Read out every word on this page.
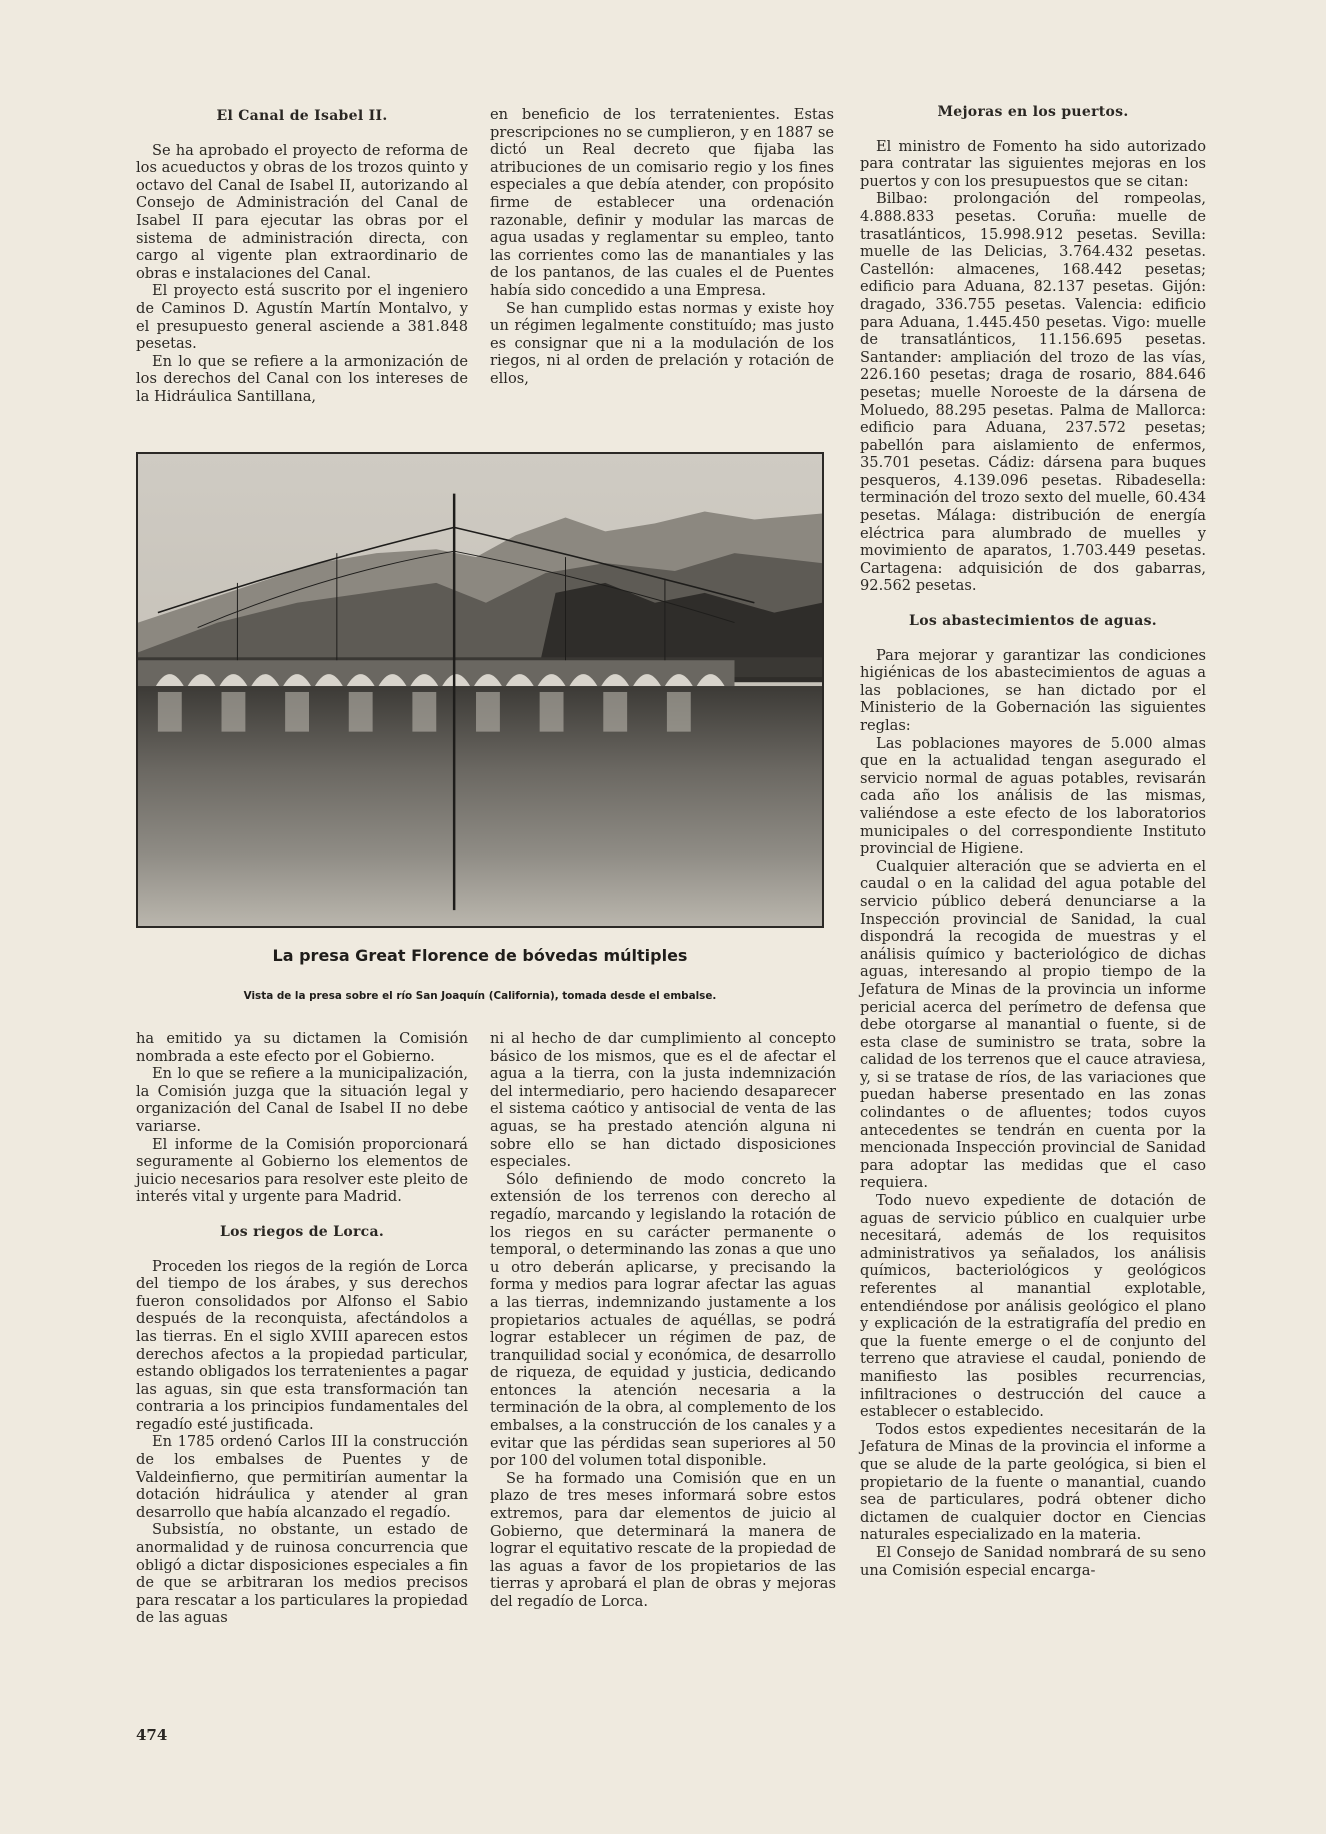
El Canal de Isabel II.

Se ha aprobado el proyecto de reforma de los acueductos y obras de los trozos quinto y octavo del Canal de Isabel II, autorizando al Consejo de Administración del Canal de Isabel II para ejecutar las obras por el sistema de administración directa, con cargo al vigente plan extraordinario de obras e instalaciones del Canal.

El proyecto está suscrito por el ingeniero de Caminos D. Agustín Martín Montalvo, y el presupuesto general asciende a 381.848 pesetas.

En lo que se refiere a la armonización de los derechos del Canal con los intereses de la Hidráulica Santillana,

en beneficio de los terratenientes. Estas prescripciones no se cumplieron, y en 1887 se dictó un Real decreto que fijaba las atribuciones de un comisario regio y los fines especiales a que debía atender, con propósito firme de establecer una ordenación razonable, definir y modular las marcas de agua usadas y reglamentar su empleo, tanto las corrientes como las de manantiales y las de los pantanos, de las cuales el de Puentes había sido concedido a una Empresa.

Se han cumplido estas normas y existe hoy un régimen legalmente constituído; mas justo es consignar que ni a la modulación de los riegos, ni al orden de prelación y rotación de ellos,

Mejoras en los puertos.

El ministro de Fomento ha sido autorizado para contratar las siguientes mejoras en los puertos y con los presupuestos que se citan:

Bilbao: prolongación del rompeolas, 4.888.833 pesetas. Coruña: muelle de trasatlánticos, 15.998.912 pesetas. Sevilla: muelle de las Delicias, 3.764.432 pesetas. Castellón: almacenes, 168.442 pesetas; edificio para Aduana, 82.137 pesetas. Gijón: dragado, 336.755 pesetas. Valencia: edificio para Aduana, 1.445.450 pesetas. Vigo: muelle de transatlánticos, 11.156.695 pesetas. Santander: ampliación del trozo de las vías, 226.160 pesetas; draga de rosario, 884.646 pesetas; muelle Noroeste de la dársena de Moluedo, 88.295 pesetas. Palma de Mallorca: edificio para Aduana, 237.572 pesetas; pabellón para aislamiento de enfermos, 35.701 pesetas. Cádiz: dársena para buques pesqueros, 4.139.096 pesetas. Ribadesella: terminación del trozo sexto del muelle, 60.434 pesetas. Málaga: distribución de energía eléctrica para alumbrado de muelles y movimiento de aparatos, 1.703.449 pesetas. Cartagena: adquisición de dos gabarras, 92.562 pesetas.

Los abastecimientos de aguas.

Para mejorar y garantizar las condiciones higiénicas de los abastecimientos de aguas a las poblaciones, se han dictado por el Ministerio de la Gobernación las siguientes reglas:

Las poblaciones mayores de 5.000 almas que en la actualidad tengan asegurado el servicio normal de aguas potables, revisarán cada año los análisis de las mismas, valiéndose a este efecto de los laboratorios municipales o del correspondiente Instituto provincial de Higiene.

Cualquier alteración que se advierta en el caudal o en la calidad del agua potable del servicio público deberá denunciarse a la Inspección provincial de Sanidad, la cual dispondrá la recogida de muestras y el análisis químico y bacteriológico de dichas aguas, interesando al propio tiempo de la Jefatura de Minas de la provincia un informe pericial acerca del perímetro de defensa que debe otorgarse al manantial o fuente, si de esta clase de suministro se trata, sobre la calidad de los terrenos que el cauce atraviesa, y, si se tratase de ríos, de las variaciones que puedan haberse presentado en las zonas colindantes o de afluentes; todos cuyos antecedentes se tendrán en cuenta por la mencionada Inspección provincial de Sanidad para adoptar las medidas que el caso requiera.

Todo nuevo expediente de dotación de aguas de servicio público en cualquier urbe necesitará, además de los requisitos administrativos ya señalados, los análisis químicos, bacteriológicos y geológicos referentes al manantial explotable, entendiéndose por análisis geológico el plano y explicación de la estratigrafía del predio en que la fuente emerge o el de conjunto del terreno que atraviese el caudal, poniendo de manifiesto las posibles recurrencias, infiltraciones o destrucción del cauce a establecer o establecido.

Todos estos expedientes necesitarán de la Jefatura de Minas de la provincia el informe a que se alude de la parte geológica, si bien el propietario de la fuente o manantial, cuando sea de particulares, podrá obtener dicho dictamen de cualquier doctor en Ciencias naturales especializado en la materia.

El Consejo de Sanidad nombrará de su seno una Comisión especial encarga-

La presa Great Florence de bóvedas múltiples
Vista de la presa sobre el río San Joaquín (California), tomada desde el embalse.

ha emitido ya su dictamen la Comisión nombrada a este efecto por el Gobierno.

En lo que se refiere a la municipalización, la Comisión juzga que la situación legal y organización del Canal de Isabel II no debe variarse.

El informe de la Comisión proporcionará seguramente al Gobierno los elementos de juicio necesarios para resolver este pleito de interés vital y urgente para Madrid.

Los riegos de Lorca.

Proceden los riegos de la región de Lorca del tiempo de los árabes, y sus derechos fueron consolidados por Alfonso el Sabio después de la reconquista, afectándolos a las tierras. En el siglo XVIII aparecen estos derechos afectos a la propiedad particular, estando obligados los terratenientes a pagar las aguas, sin que esta transformación tan contraria a los principios fundamentales del regadío esté justificada.

En 1785 ordenó Carlos III la construcción de los embalses de Puentes y de Valdeinfierno, que permitirían aumentar la dotación hidráulica y atender al gran desarrollo que había alcanzado el regadío.

Subsistía, no obstante, un estado de anormalidad y de ruinosa concurrencia que obligó a dictar disposiciones especiales a fin de que se arbitraran los medios precisos para rescatar a los particulares la propiedad de las aguas

ni al hecho de dar cumplimiento al concepto básico de los mismos, que es el de afectar el agua a la tierra, con la justa indemnización del intermediario, pero haciendo desaparecer el sistema caótico y antisocial de venta de las aguas, se ha prestado atención alguna ni sobre ello se han dictado disposiciones especiales.

Sólo definiendo de modo concreto la extensión de los terrenos con derecho al regadío, marcando y legislando la rotación de los riegos en su carácter permanente o temporal, o determinando las zonas a que uno u otro deberán aplicarse, y precisando la forma y medios para lograr afectar las aguas a las tierras, indemnizando justamente a los propietarios actuales de aquéllas, se podrá lograr establecer un régimen de paz, de tranquilidad social y económica, de desarrollo de riqueza, de equidad y justicia, dedicando entonces la atención necesaria a la terminación de la obra, al complemento de los embalses, a la construcción de los canales y a evitar que las pérdidas sean superiores al 50 por 100 del volumen total disponible.

Se ha formado una Comisión que en un plazo de tres meses informará sobre estos extremos, para dar elementos de juicio al Gobierno, que determinará la manera de lograr el equitativo rescate de la propiedad de las aguas a favor de los propietarios de las tierras y aprobará el plan de obras y mejoras del regadío de Lorca.

474
